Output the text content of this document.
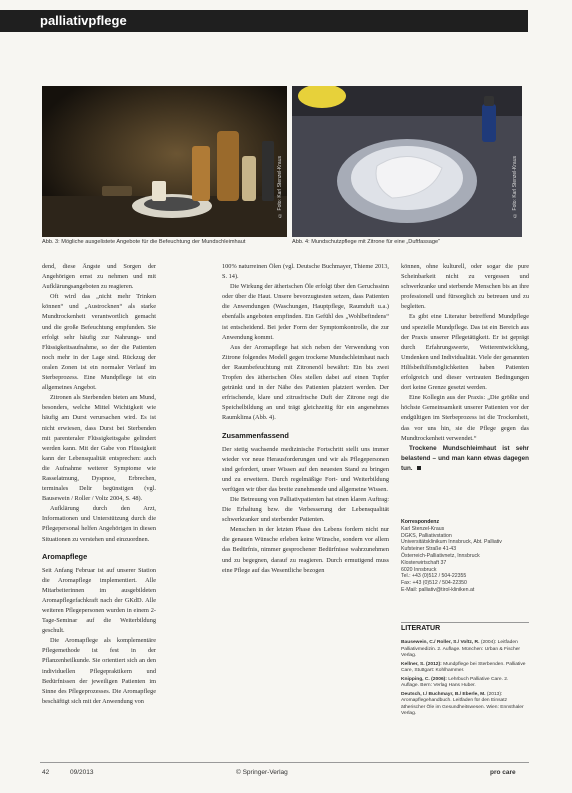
palliativpflege
© Foto: Karl Stenzel-Kraus	© Foto: Karl Stenzel-Kraus
Abb. 3: Mögliche ausgelistete Angebote für die Befeuchtung der Mundschleimhaut	Abb. 4: Mundschutzpflege mit Zitrone für eine „Duftfassage“

dend, diese Ängste und Sorgen der Angehörigen ernst zu nehmen und mit Aufklärungsangeboten zu reagieren.

Oft wird das „nicht mehr Trinken können“ und „Austrocknen“ als starke Mundtrockenheit verantwortlich gemacht und die große Befeuchtung empfunden. Sie erfolgt sehr häufig zur Nahrungs- und Flüssigkeitsaufnahme, so der die Patienten noch mehr in der Lage sind. Rückzug der oralen Zonen ist ein normaler Verlauf im Sterbeprozess. Eine Mundpflege ist ein allgemeines Angebot.

Zitronen als Sterbenden bieten am Mund, besonders, welche Mittel Wichtigkeit wie häufig am Durst verursachen wird. Es ist nicht erwiesen, dass Durst bei Sterbenden mit parenteraler Flüssigkeitsgabe gelindert werden kann. Mit der Gabe von Flüssigkeit kann der Lebensqualität entsprechen: auch die Aufnahme weiterer Symptome wie Rasselatmung, Dyspnoe, Erbrechen, terminales Delir begünstigen (vgl. Bausewein / Roller / Voltz 2004, S. 48).

Aufklärung durch den Arzt, Informationen und Unterstützung durch die Pflegepersonal helfen Angehörigen in diesen Situationen zu verstehen und einzuordnen.

Aromapflege

Seit Anfang Februar ist auf unserer Station die Aromapflege implementiert. Alle Mitarbeiterinnen im ausgebildeten Aromapflegefachkraft nach der GKdD. Alle weiteren Pflegepersonen wurden in einem 2-Tage-Seminar auf die Weiterbildung geschult.

Die Aromapflege als komplementäre Pflegemethode ist fest in der Pflanzenheilkunde. Sie orientiert sich an den individuellen Pflegepraktikern und Bedürfnissen der jeweiligen Patienten im Sinne des Pflegeprozesses. Die Aromapflege beschäftigt sich mit der Anwendung von

100% naturreinen Ölen (vgl. Deutsche Buchmayer, Thieme 2013, S. 14).

Die Wirkung der ätherischen Öle erfolgt über den Geruchssinn oder über die Haut. Unsere bevorzugtesten setzen, dass Patienten die Anwendungen (Waschungen, Hauptpflege, Raumduft u.a.) ebenfalls angeboten empfinden. Ein Gefühl des „Wohlbefindens“ ist entscheidend. Bei jeder Form der Symptomkontrolle, die zur Anwendung kommt.

Aus der Aromapflege hat sich neben der Verwendung von Zitrone folgendes Modell gegen trockene Mundschleimhaut nach der Raumbefeuchtung mit Zitronenöl bewährt: Ein bis zwei Tropfen des ätherischen Öles stellen dabei auf einen Tupfer getränkt und in der Nähe des Patienten platziert werden. Der erfrischende, klare und zitrusfrische Duft der Zitrone regt die Speichelbildung an und trägt gleichzeitig für ein angenehmes Raumklima (Abb. 4).

Zusammenfassend

Der stetig wachsende medizinische Fortschritt stellt uns immer wieder vor neue Herausforderungen und wir als Pflegepersonen sind gefordert, unser Wissen auf den neuesten Stand zu bringen und zu erweitern. Durch regelmäßige Fort- und Weiterbildung verfügen wir über das breite zunehmende und allgemeine Wissen.

Die Betreuung von Palliativpatienten hat einen klaren Auftrag: Die Erhaltung bzw. die Verbesserung der Lebensqualität schwerkranker und sterbender Patienten.

Menschen in der letzten Phase des Lebens fordern nicht nur die genauen Wünsche erleben keine Wünsche, sondern vor allem das Bedürfnis, nimmer gesprochener Bedürfnisse wahrzunehmen und zu begegnen, darauf zu reagieren. Durch ermutigend muss eine Pflege auf das Wesentliche bezogen

können, ohne kulturell, oder sogar die pure Scheinbarkeit nicht zu vergessen und schwerkranke und sterbende Menschen bis an ihre professionell und fürsorglich zu betreuen und zu begleiten.

Es gibt eine Literatur betreffend Mundpflege und spezielle Mundpflege. Das ist ein Bereich aus der Praxis unserer Pflegetätigkeit. Er ist geprägt durch Erfahrungswerte, Weiterentwicklung, Umdenken und Individualität. Viele der genannten Hilfsbeihilfsmöglichkeiten haben Patienten erfolgreich und dieser vertrauten Bedingungen dort keine Grenze gesetzt werden.

Eine Kollegin aus der Praxis: „Die größte und höchste Gemeinsamkeit unserer Patienten vor der endgültigen im Sterbeprozess ist die Trockenheit, das vor uns hin, sie die Pflege gegen das Mundtrockenheit verwendet.“

Trockene Mundschleimhaut ist sehr belastend – und man kann etwas dagegen tun.

Korrespondenz
Karl Stenzel-Kraus
DGKS, Palliativstation
Universitätsklinikum Innsbruck, Abt. Palliativ
Kufsteiner Straße 41-43
Österreich-Palliativnetz, Innsbruck
Klosterwirtschaft 37
6020 Innsbruck
Tel.: +43 (0)512 / 504-22355
Fax: +43 (0)512 / 504-22350
E-Mail: palliativ@tirol-kliniken.at
LITERATUR
Bausewein, C./ Roller, S./ Voltz, R. (2004): Leitfaden Palliativmedizin. 2. Auflage. München: Urban & Fischer Verlag.
Kellner, S. (2012): Mundpflege bei Sterbenden. Palliative Care, Stuttgart: Kohlhammer.
Knipping, C. (2006): Lehrbuch Palliative Care. 2. Auflage. Bern: Verlag Hans Huber.
Deutsch, I./ Buchmayr, B./ Eberle, M. (2013): Aromapflegehandbuch. Leitfaden für den Einsatz ätherischer Öle im Gesundheitswesen. Wien: Ennsthaler Verlag.
42	09/2013	© Springer-Verlag	pro care
